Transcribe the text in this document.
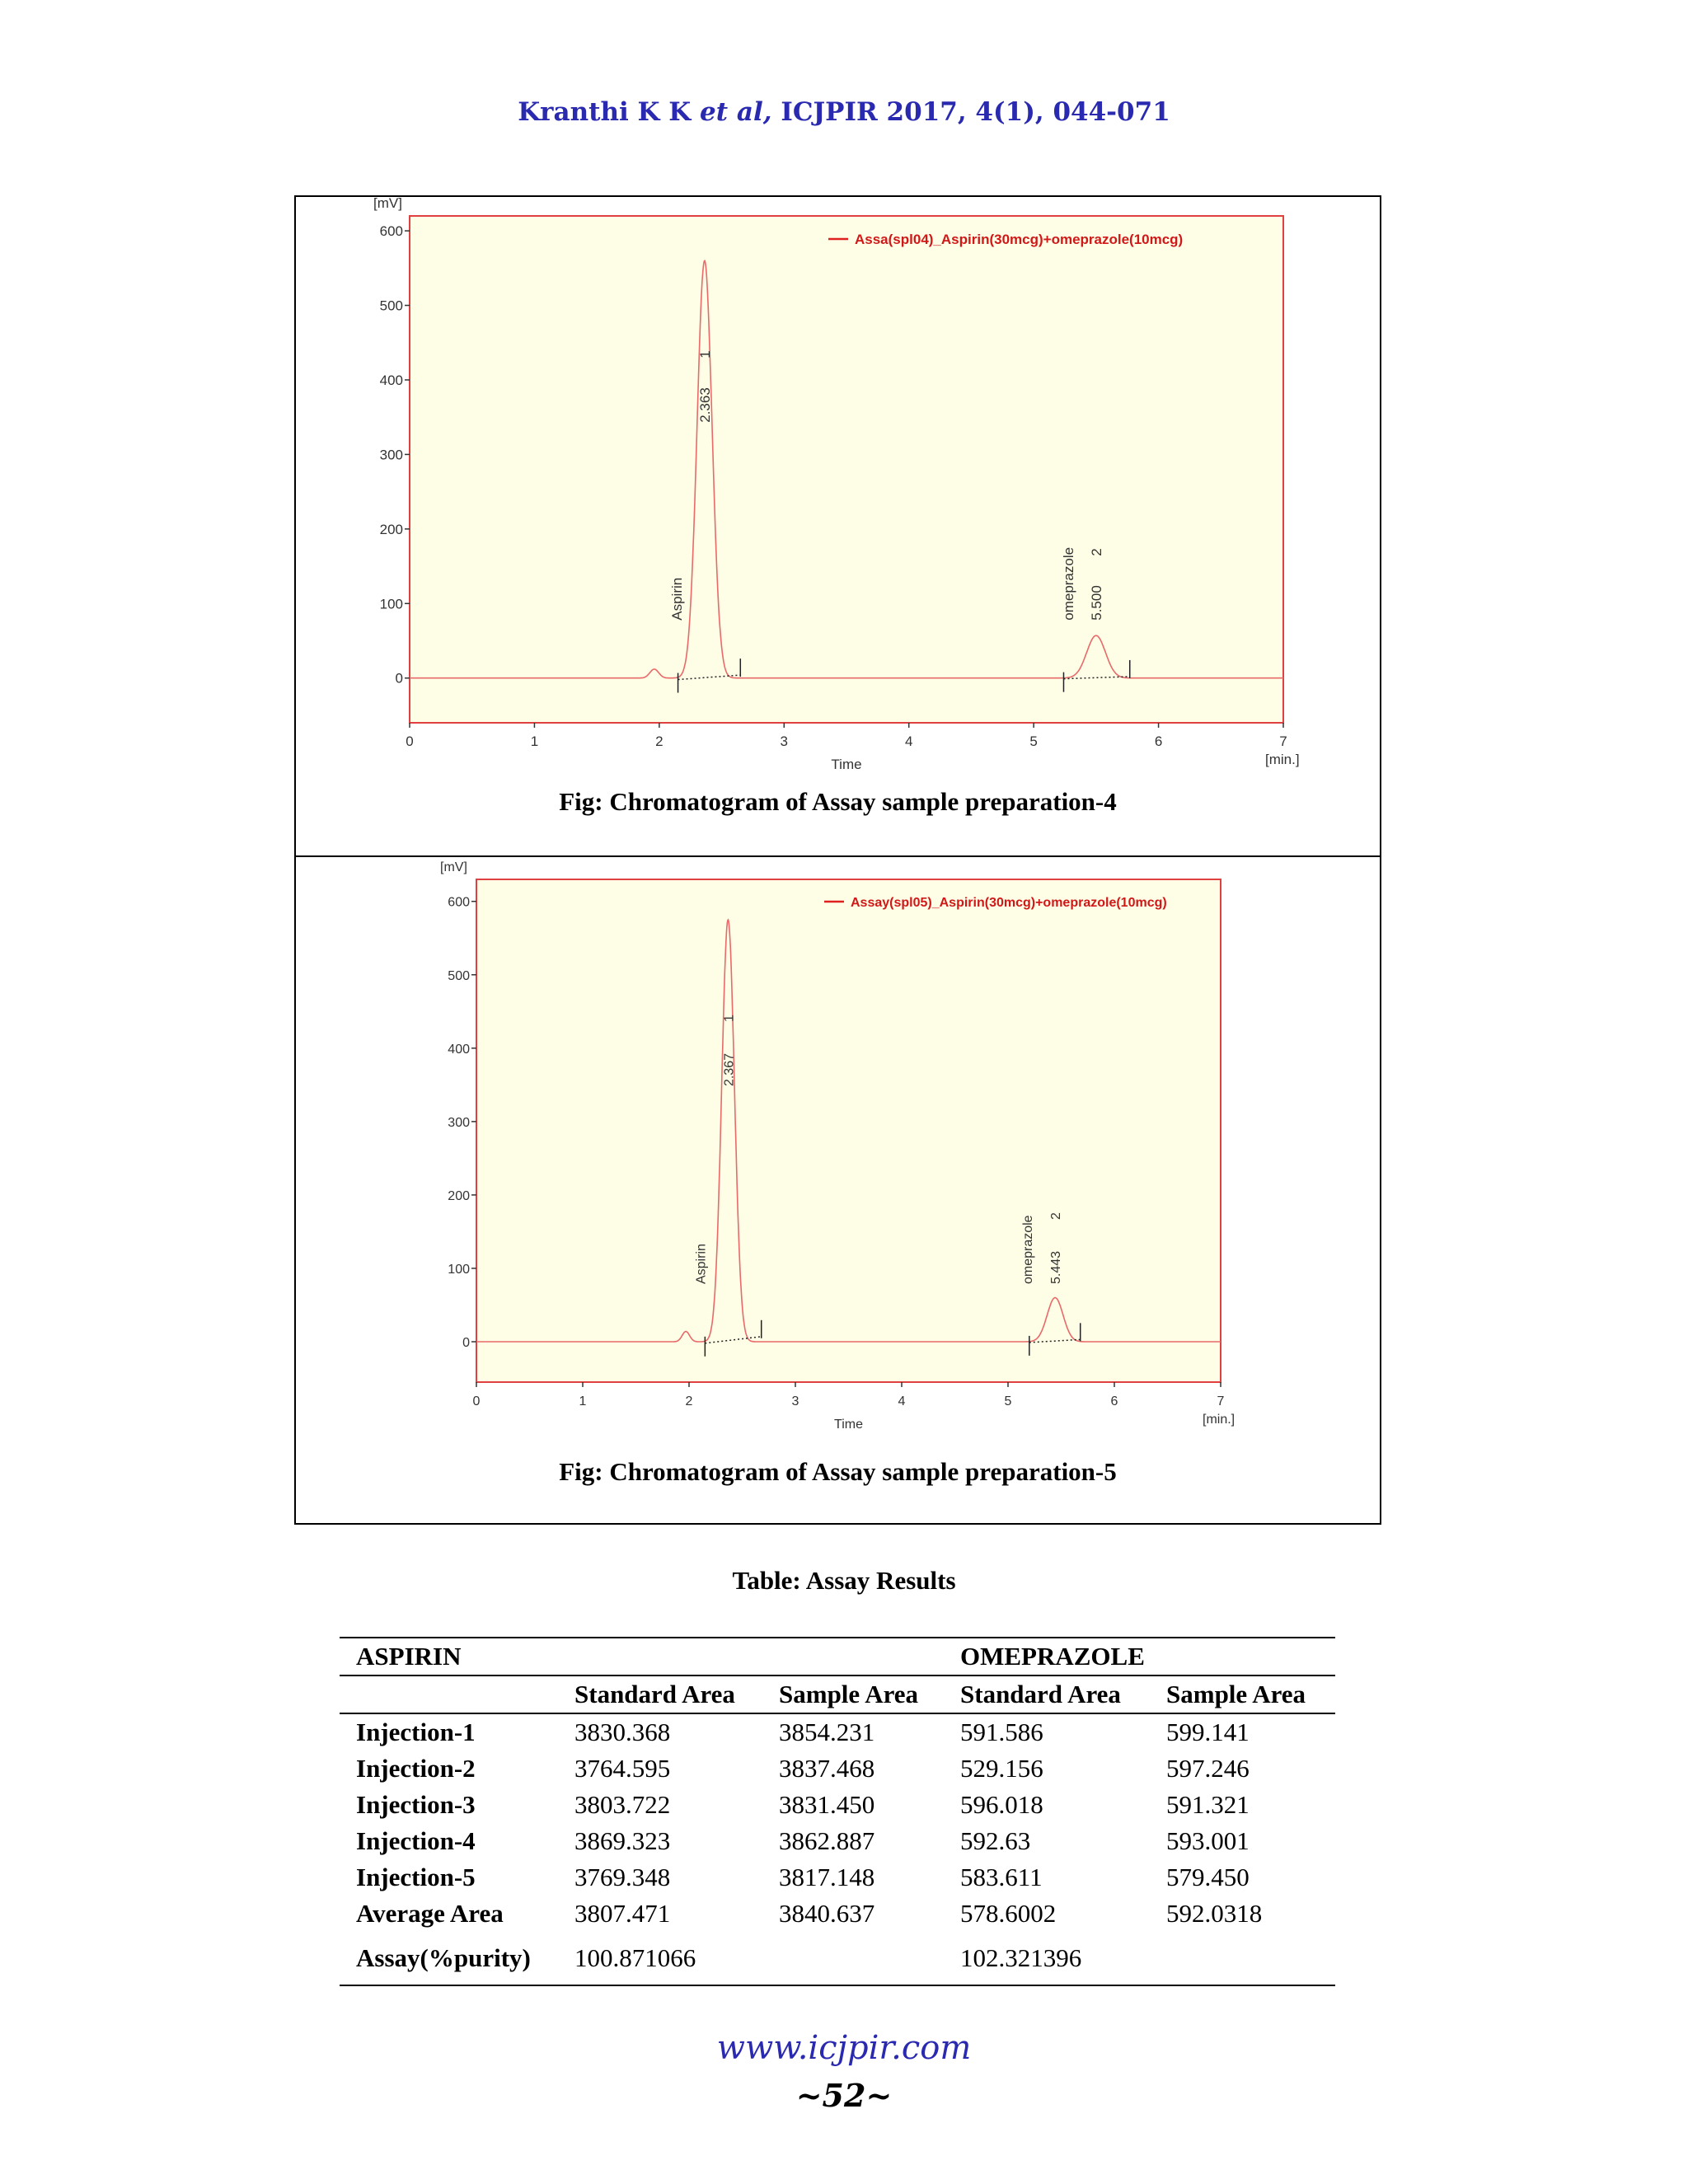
Kranthi K K et al, ICJPIR 2017, 4(1), 044-071
0
100
200
300
400
500
600
0	1	2	3	4	5	6	7
[mV]
[min.]
Time
Assa(spl04)_Aspirin(30mcg)+omeprazole(10mcg)
Aspirin
2.363
1
omeprazole 5.500
2
Fig: Chromatogram of Assay sample preparation-4
0
100
200
300
400
500
600
0	1	2	3	4	5	6	7
[mV]
[min.]
Time
Assay(spl05)_Aspirin(30mcg)+omeprazole(10mcg)
Aspirin
2.367
1
omeprazole 5.443
2
Fig: Chromatogram of Assay sample preparation-5
Table: Assay Results
ASPIRIN			OMEPRAZOLE	
	Standard Area	Sample Area	Standard Area	Sample Area
Injection-1	3830.368	3854.231	591.586	599.141
Injection-2	3764.595	3837.468	529.156	597.246
Injection-3	3803.722	3831.450	596.018	591.321
Injection-4	3869.323	3862.887	592.63	593.001
Injection-5	3769.348	3817.148	583.611	579.450
Average Area	3807.471	3840.637	578.6002	592.0318
Assay(%purity)	100.871066		102.321396	
www.icjpir.com
~52~
